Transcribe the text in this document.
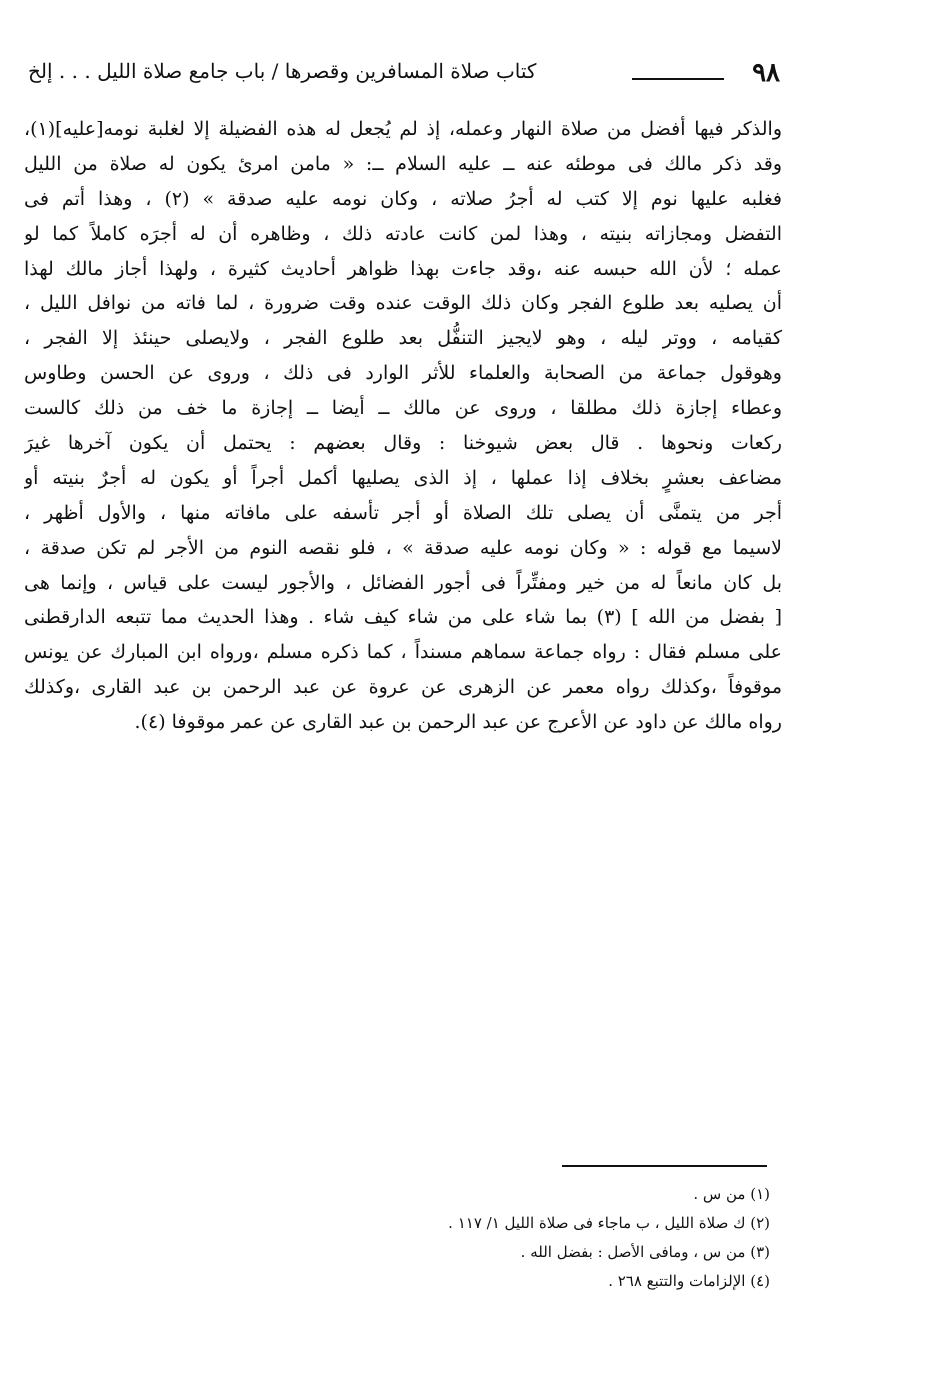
٩٨
كتاب صلاة المسافرين وقصرها / باب جامع صلاة الليل . . . إلخ
والذكر فيها أفضل من صلاة النهار وعمله، إذ لم يُجعل له هذه الفضيلة إلا لغلبة نومه[عليه](١)،
وقد ذكر مالك فى موطئه عنه ــ عليه السلام ــ: « مامن امرئ يكون له صلاة من الليل
فغلبه عليها نوم إلا كتب له أجرُ صلاته ، وكان نومه عليه صدقة » (٢) ، وهذا أتم فى
التفضل ومجازاته بنيته ، وهذا لمن كانت عادته ذلك ، وظاهره أن له أجرَه كاملاً كما لو
عمله ؛ لأن الله حبسه عنه ،وقد جاءت بهذا ظواهر أحاديث كثيرة ، ولهذا أجاز مالك لهذا
أن يصليه بعد طلوع الفجر وكان ذلك الوقت عنده وقت ضرورة ، لما فاته من نوافل الليل ،
كقيامه ، ووتر ليله ، وهو لايجيز التنفُّل بعد طلوع الفجر ، ولايصلى حينئذ إلا الفجر ،
وهوقول جماعة من الصحابة والعلماء للأثر الوارد فى ذلك ، وروى عن الحسن وطاوس
وعطاء إجازة ذلك مطلقا ، وروى عن مالك ــ أيضا ــ إجازة ما خف من ذلك كالست
ركعات ونحوها . قال بعض شيوخنا : وقال بعضهم : يحتمل أن يكون آخرها غيرَ
مضاعف بعشرٍ بخلاف إذا عملها ، إذ الذى يصليها أكمل أجراً أو يكون له أجرٌ بنيته أو
أجر من يتمنَّى أن يصلى تلك الصلاة أو أجر تأسفه على مافاته منها ، والأول أظهر ،
لاسيما مع قوله : « وكان نومه عليه صدقة » ، فلو نقصه النوم من الأجر لم تكن صدقة ،
بل كان مانعاً له من خير ومفتِّراً فى أجور الفضائل ، والأجور ليست على قياس ، وإنما هى
[ بفضل من الله ] (٣) بما شاء على من شاء كيف شاء . وهذا الحديث مما تتبعه الدارقطنى
على مسلم فقال : رواه جماعة سماهم مسنداً ، كما ذكره مسلم ،ورواه ابن المبارك عن يونس
موقوفاً ،وكذلك رواه معمر عن الزهرى عن عروة عن عبد الرحمن بن عبد القارى ،وكذلك
رواه مالك عن داود عن الأعرج عن عبد الرحمن بن عبد القارى عن عمر موقوفا (٤).
(١) من س .
(٢) ك صلاة الليل ، ب ماجاء فى صلاة الليل ١/ ١١٧ .
(٣) من س ، ومافى الأصل : بفضل الله .
(٤) الإلزامات والتتبع ٢٦٨ .
